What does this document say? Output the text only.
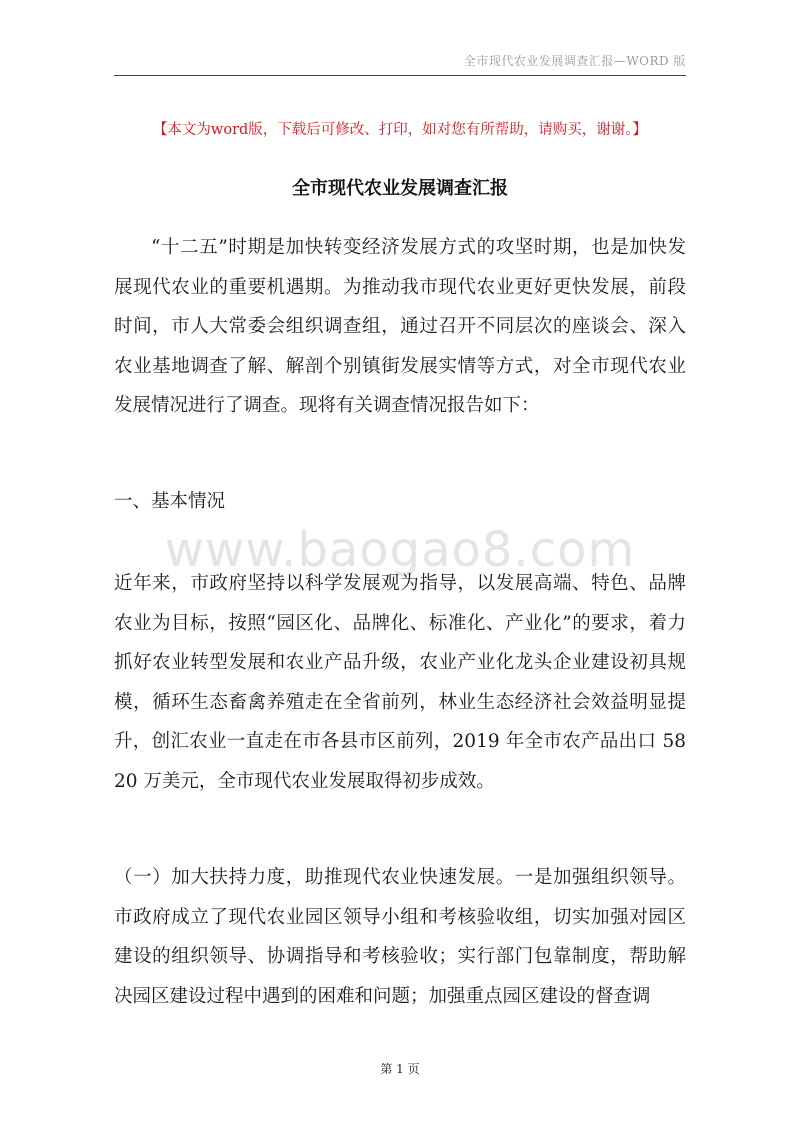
全市现代农业发展调查汇报—WORD 版
【本文为word版，下载后可修改、打印，如对您有所帮助，请购买，谢谢。】
全市现代农业发展调查汇报

“十二五”时期是加快转变经济发展方式的攻坚时期，也是加快发展现代农业的重要机遇期。为推动我市现代农业更好更快发展，前段时间，市人大常委会组织调查组，通过召开不同层次的座谈会、深入农业基地调查了解、解剖个别镇街发展实情等方式，对全市现代农业发展情况进行了调查。现将有关调查情况报告如下：

一、基本情况

www.baogao8.com

近年来，市政府坚持以科学发展观为指导，以发展高端、特色、品牌农业为目标，按照“园区化、品牌化、标准化、产业化”的要求，着力抓好农业转型发展和农业产品升级，农业产业化龙头企业建设初具规模，循环生态畜禽养殖走在全省前列，林业生态经济社会效益明显提升，创汇农业一直走在市各县市区前列，2019 年全市农产品出口 5820 万美元，全市现代农业发展取得初步成效。

（一）加大扶持力度，助推现代农业快速发展。一是加强组织领导。市政府成立了现代农业园区领导小组和考核验收组，切实加强对园区建设的组织领导、协调指导和考核验收；实行部门包靠制度，帮助解决园区建设过程中遇到的困难和问题；加强重点园区建设的督查调

第 1 页
